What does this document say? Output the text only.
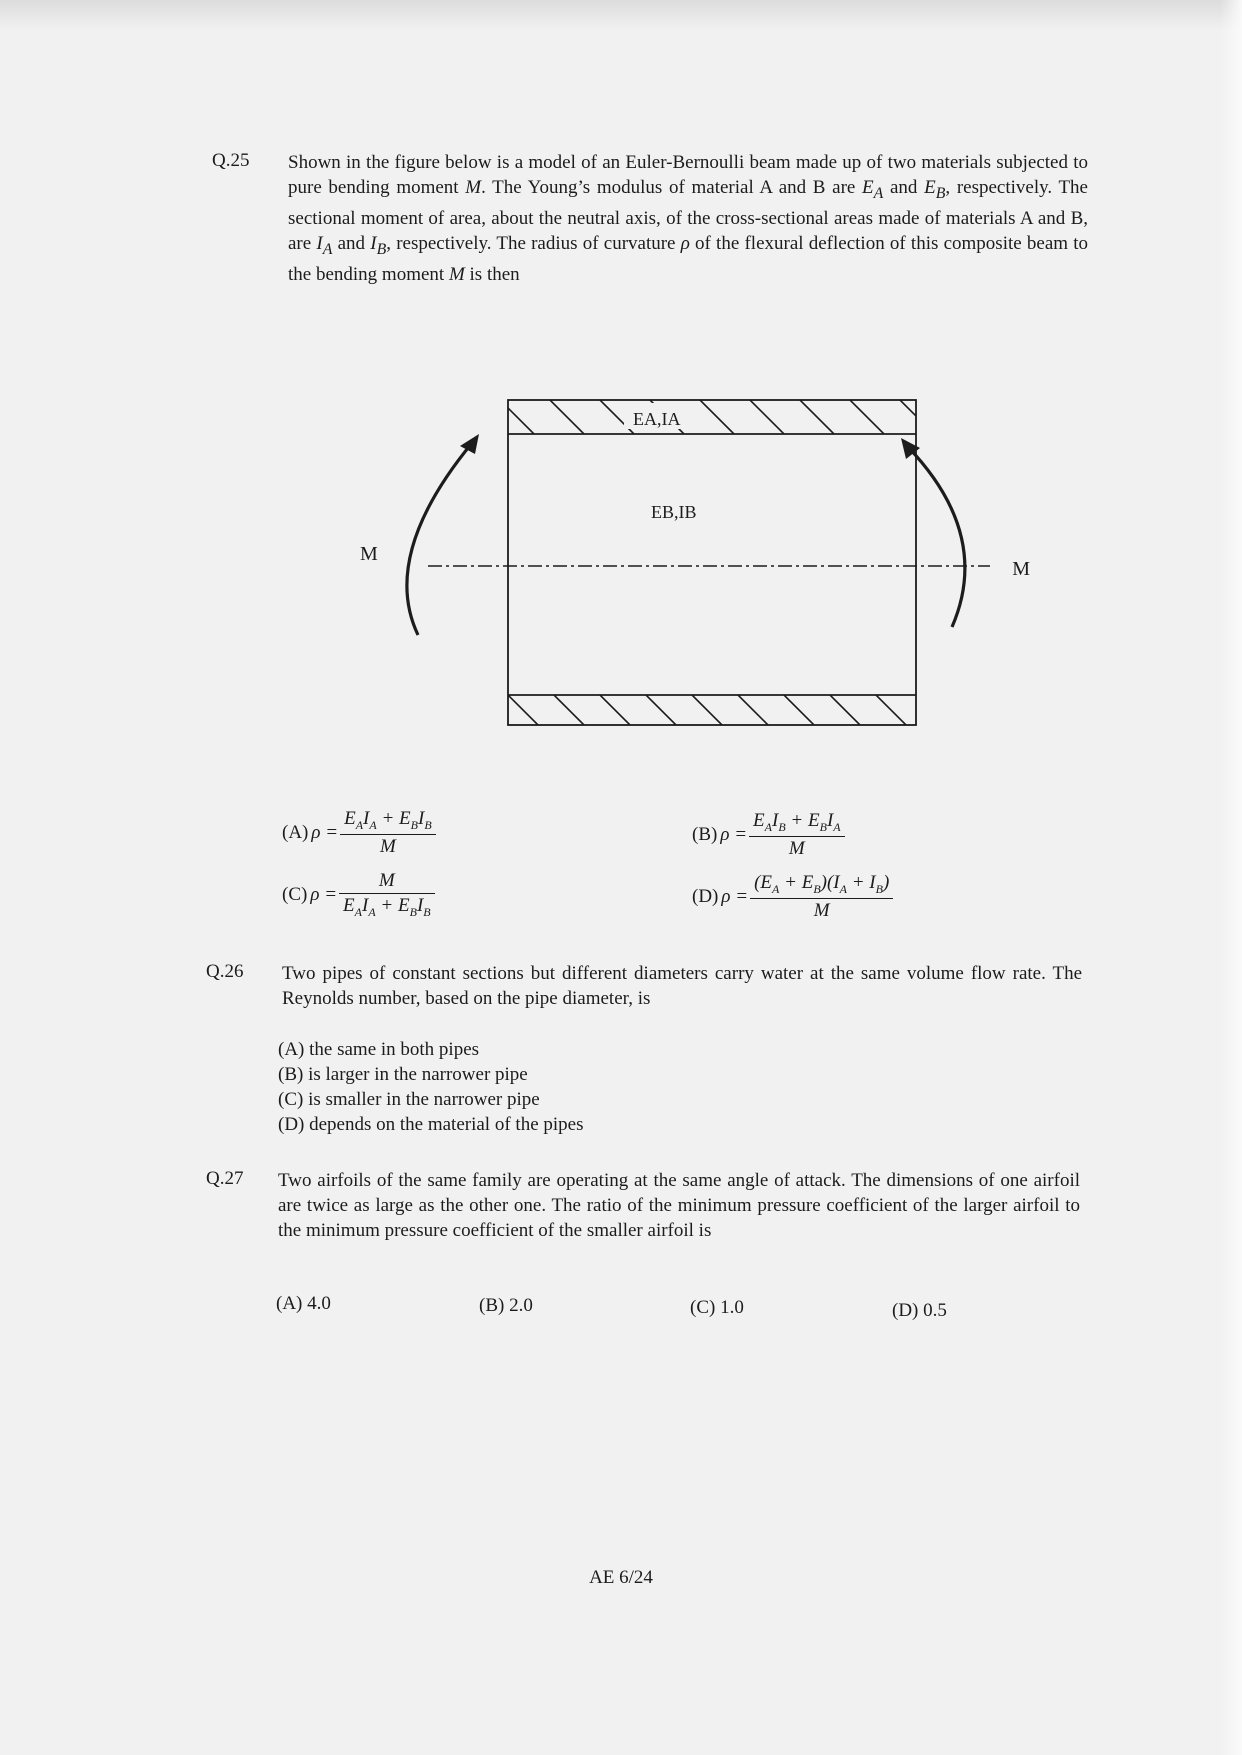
Q.25 Shown in the figure below is a model of an Euler-Bernoulli beam made up of two materials subjected to pure bending moment M. The Young’s modulus of material A and B are $E_A$ and $E_B$, respectively. The sectional moment of area, about the neutral axis, of the cross-sectional areas made of materials A and B, are $I_A$ and $I_B$, respectively. The radius of curvature ρ of the flexural deflection of this composite beam to the bending moment M is then
EA,IA
EB,IB
M
M
(A) $\rho = \frac{E_AI_A + E_BI_B}{M}$	(B) $\rho = \frac{E_AI_B + E_BI_A}{M}$
(C) $\rho = \frac{M}{E_AI_A + E_BI_B}$	(D) $\rho = \frac{(E_A + E_B)(I_A + I_B)}{M}$
Q.26 Two pipes of constant sections but different diameters carry water at the same volume flow rate. The Reynolds number, based on the pipe diameter, is
(A) the same in both pipes
(B) is larger in the narrower pipe
(C) is smaller in the narrower pipe
(D) depends on the material of the pipes
Q.27 Two airfoils of the same family are operating at the same angle of attack. The dimensions of one airfoil are twice as large as the other one. The ratio of the minimum pressure coefficient of the larger airfoil to the minimum pressure coefficient of the smaller airfoil is
(A) 4.0	(B) 2.0	(C) 1.0	(D) 0.5
AE 6/24
